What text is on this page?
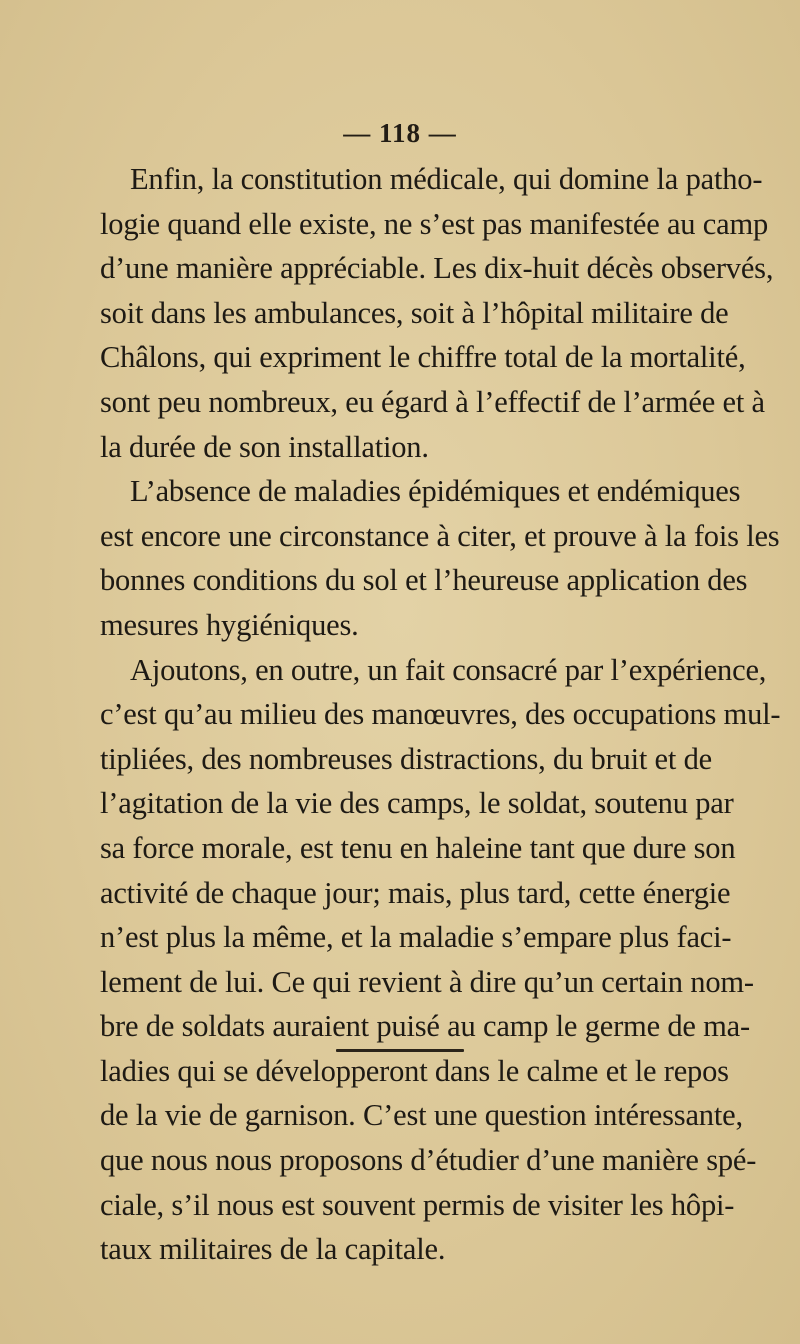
— 118 —
Enfin, la constitution médicale, qui domine la patho-
logie quand elle existe, ne s’est pas manifestée au camp
d’une manière appréciable. Les dix-huit décès observés,
soit dans les ambulances, soit à l’hôpital militaire de
Châlons, qui expriment le chiffre total de la mortalité,
sont peu nombreux, eu égard à l’effectif de l’armée et à
la durée de son installation.
L’absence de maladies épidémiques et endémiques
est encore une circonstance à citer, et prouve à la fois les
bonnes conditions du sol et l’heureuse application des
mesures hygiéniques.
Ajoutons, en outre, un fait consacré par l’expérience,
c’est qu’au milieu des manœuvres, des occupations mul-
tipliées, des nombreuses distractions, du bruit et de
l’agitation de la vie des camps, le soldat, soutenu par
sa force morale, est tenu en haleine tant que dure son
activité de chaque jour; mais, plus tard, cette énergie
n’est plus la même, et la maladie s’empare plus faci-
lement de lui. Ce qui revient à dire qu’un certain nom-
bre de soldats auraient puisé au camp le germe de ma-
ladies qui se développeront dans le calme et le repos
de la vie de garnison. C’est une question intéressante,
que nous nous proposons d’étudier d’une manière spé-
ciale, s’il nous est souvent permis de visiter les hôpi-
taux militaires de la capitale.
